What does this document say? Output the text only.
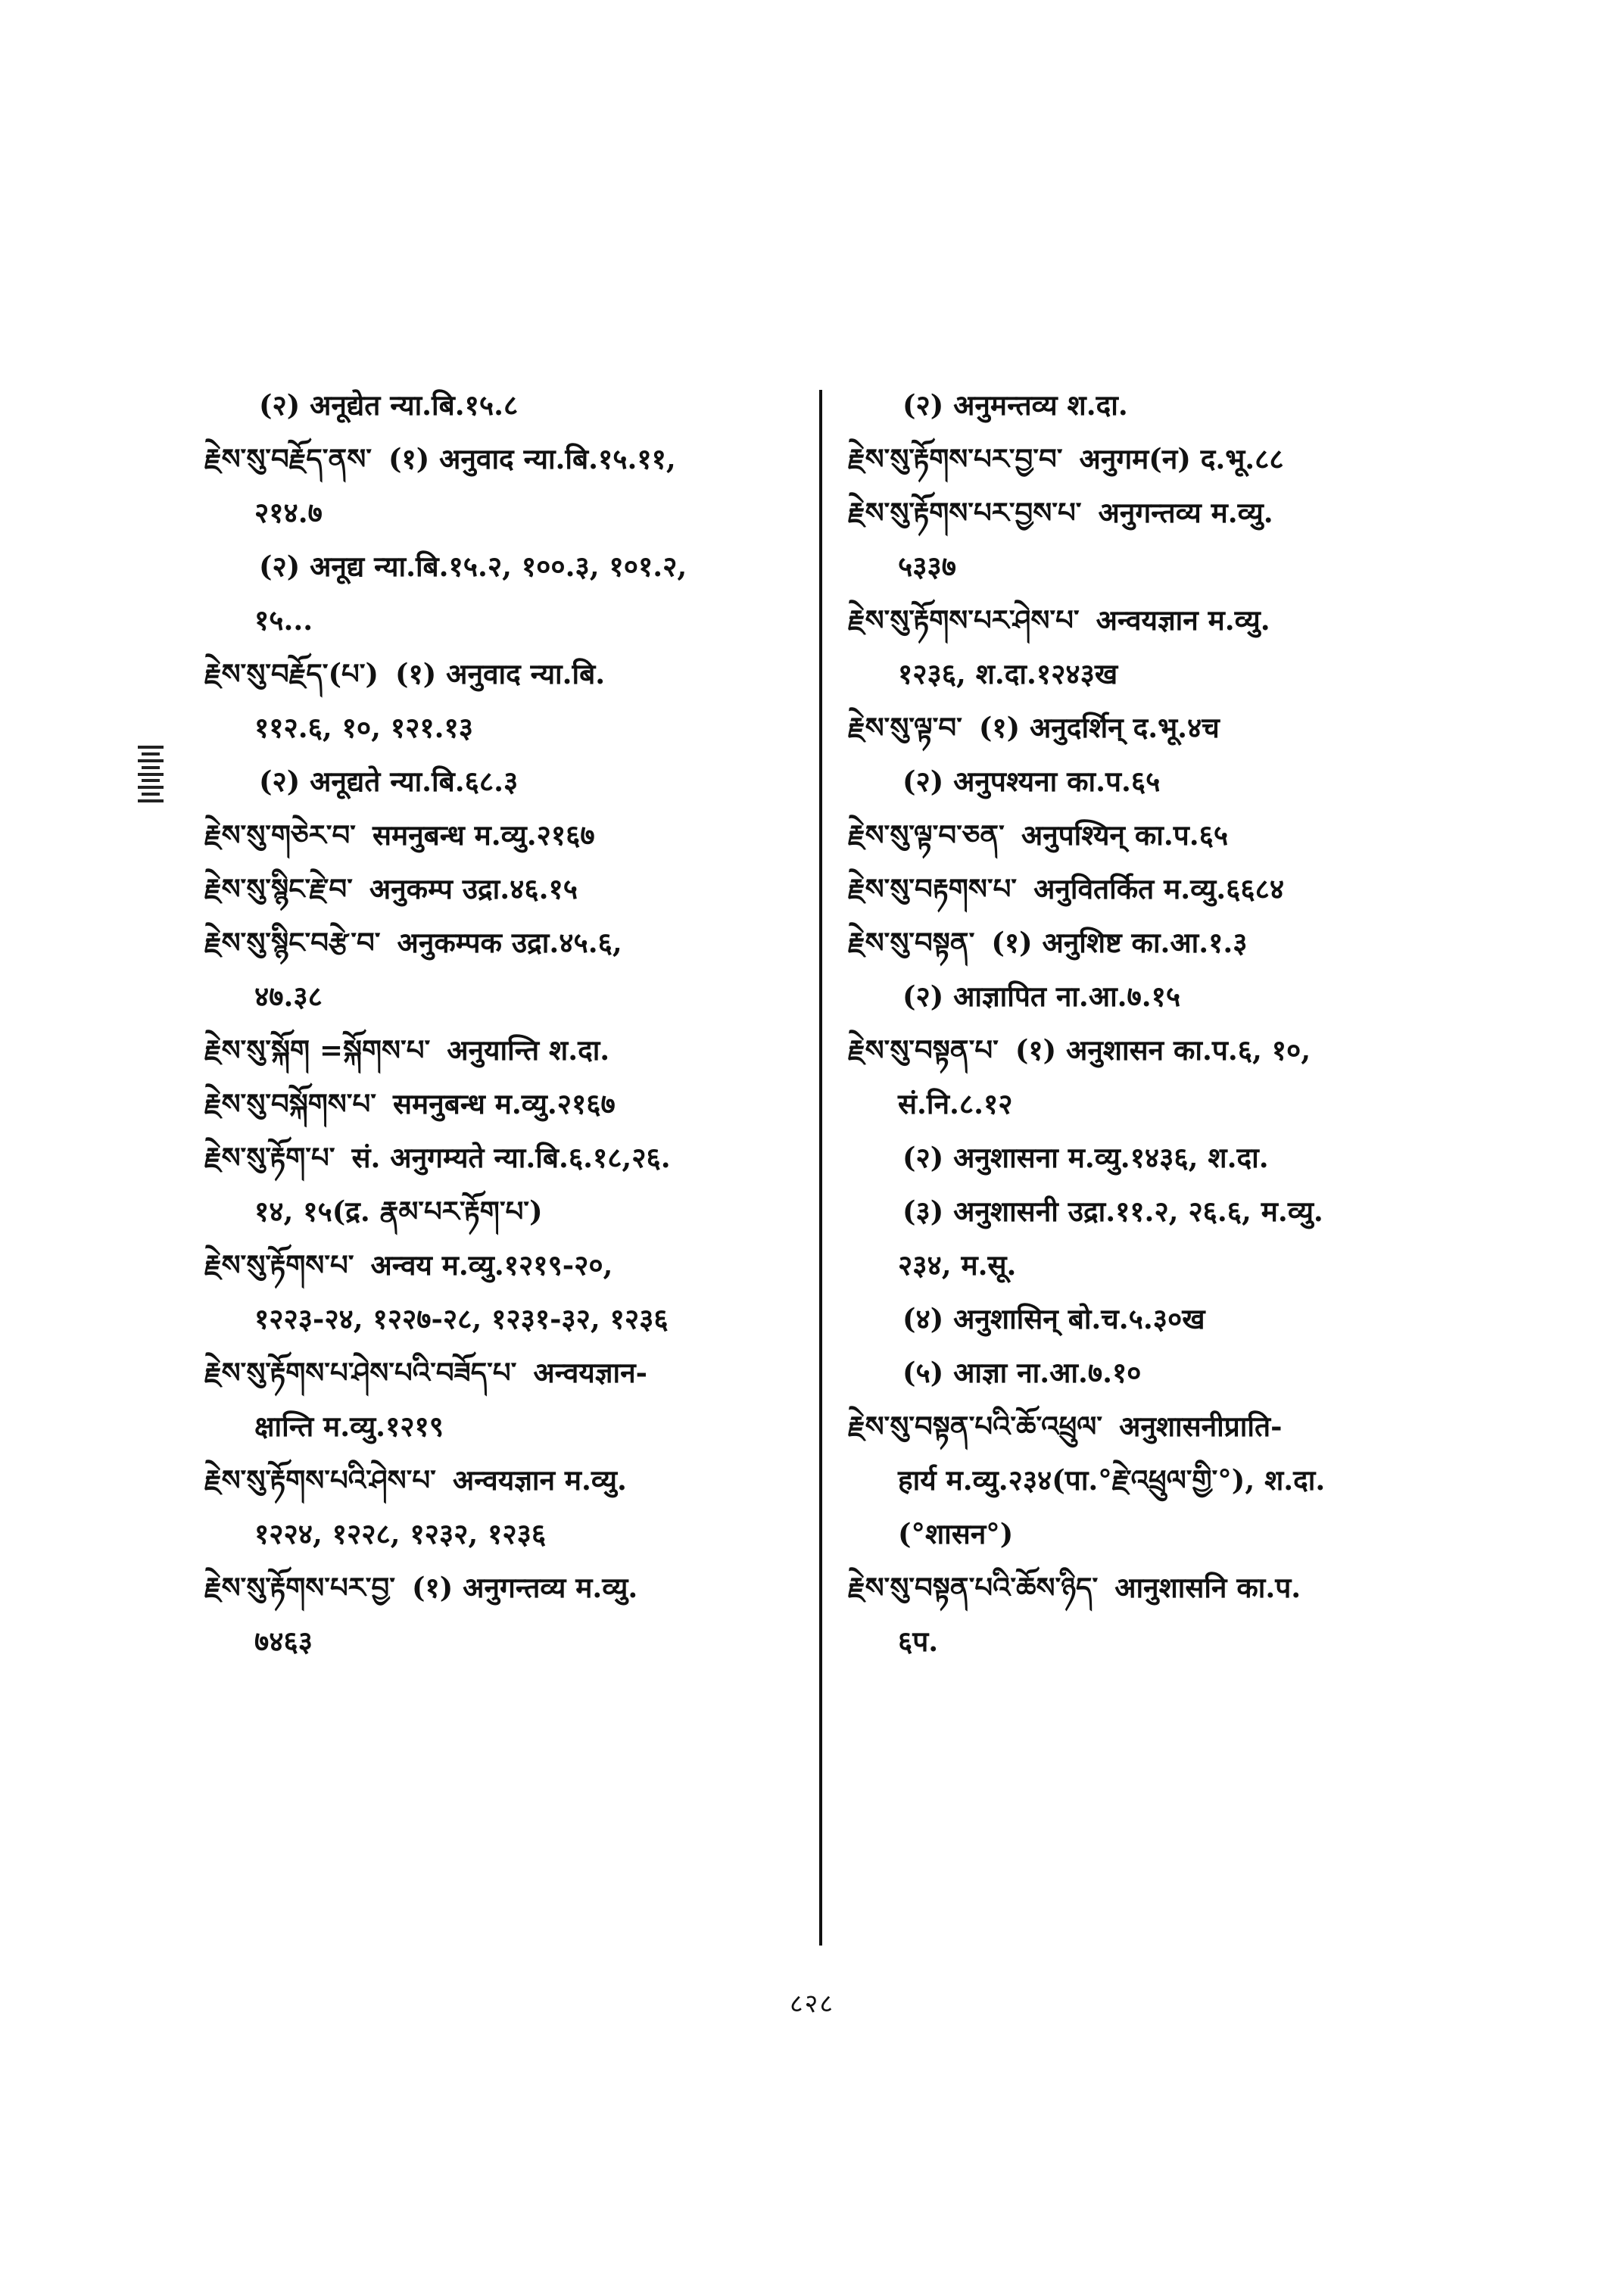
(२) अनूद्येत न्या.बि.१५.८
རྗེས་སུ་བརྗོད་ནས་ (१) अनुवाद न्या.बि.१५.११,
२१४.७
(२) अनूद्य न्या.बि.१५.२, १००.३, १०१.२,
१५...
རྗེས་སུ་བརྗོད་(པ་) (१) अनुवाद न्या.बि.
११२.६, १०, १२१.१३
(२) अनूद्यते न्या.बि.६८.३
རྗེས་སུ་གཅེར་བ་ समनुबन्ध म.व्यु.२१६७
རྗེས་སུ་སྙིང་རྗེ་བ་ अनुकम्प उद्रा.४६.१५
རྗེས་སུ་སྙིང་བརྩེ་བ་ अनुकम्पक उद्रा.४५.६,
४७.३८
རྗེས་སུ་སྐོག =སྐོགས་པ་ अनुयान्ति श.दा.
རྗེས་སུ་བསྐོགས་པ་ समनुबन्ध म.व्यु.२१६७
རྗེས་སུ་རྟོག་པ་ सं. अनुगम्यते न्या.बि.६.१८,२६.
१४, १५(द्र. རྣམ་པར་རྟོག་པ་)
རྗེས་སུ་རྟོགས་པ་ अन्वय म.व्यु.१२१९-२०,
१२२३-२४, १२२७-२८, १२३१-३२, १२३६
རྗེས་སུ་རྟོགས་པ་ཤེས་པའི་བཟོད་པ་ अन्वयज्ञान-
क्षान्ति म.व्यु.१२१९
རྗེས་སུ་རྟོགས་པའི་ཤེས་པ་ अन्वयज्ञान म.व्यु.
१२२४, १२२८, १२३२, १२३६
རྗེས་སུ་རྟོགས་པར་བྱ་ (१) अनुगन्तव्य म.व्यु.
७४६३
(२) अनुमन्तव्य श.दा.
རྗེས་སུ་རྟོགས་པར་བྱ་བ་ अनुगम(न) द.भू.८८
རྗེས་སུ་རྟོགས་པར་བྱས་པ་ अनुगन्तव्य म.व्यु.
५३३७
རྗེས་སུ་རྟོགས་པར་ཤེས་པ་ अन्वयज्ञान म.व्यु.
१२३६, श.दा.१२४३ख
རྗེས་སུ་ལྟ་བ་ (१) अनुदर्शिन् द.भू.४च
(२) अनुपश्यना का.प.६५
རྗེས་སུ་ལྟ་བ་ཅན་ अनुपश्यिन् का.प.६५
རྗེས་སུ་བརྟགས་པ་ अनुवितर्कित म.व्यु.६६८४
རྗེས་སུ་བསྟན་ (१) अनुशिष्ट का.आ.१.३
(२) आज्ञापित ना.आ.७.१५
རྗེས་སུ་བསྟན་པ་ (१) अनुशासन का.प.६, १०,
सं.नि.८.१२
(२) अनुशासना म.व्यु.१४३६, श.दा.
(३) अनुशासनी उद्रा.११.२, २६.६, म.व्यु.
२३४, म.सू.
(४) अनुशासिन् बो.च.५.३०ख
(५) आज्ञा ना.आ.७.१०
རྗེས་སུ་བསྟན་པའི་ཆོ་འཕྲུལ་ अनुशासनीप्राति-
हार्य म.व्यु.२३४(पा.°རྗེ་འཕྲུལ་གྱི་°), श.दा.
(°शासन°)
རྗེས་སུ་བསྟན་པའི་ཆོས་ཉིད་ आनुशासनि का.प.
६प.
८२८
